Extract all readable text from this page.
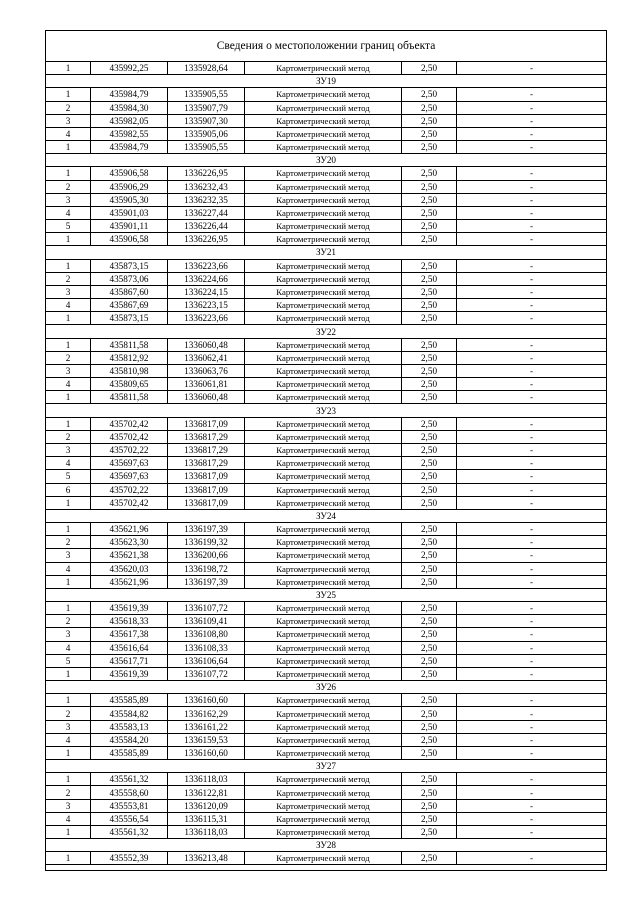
Сведения о местоположении границ объекта
1	435992,25	1335928,64	Картометрический метод	2,50	-
ЗУ19					
1	435984,79	1335905,55	Картометрический метод	2,50	-
2	435984,30	1335907,79	Картометрический метод	2,50	-
3	435982,05	1335907,30	Картометрический метод	2,50	-
4	435982,55	1335905,06	Картометрический метод	2,50	-
1	435984,79	1335905,55	Картометрический метод	2,50	-
ЗУ20					
1	435906,58	1336226,95	Картометрический метод	2,50	-
2	435906,29	1336232,43	Картометрический метод	2,50	-
3	435905,30	1336232,35	Картометрический метод	2,50	-
4	435901,03	1336227,44	Картометрический метод	2,50	-
5	435901,11	1336226,44	Картометрический метод	2,50	-
1	435906,58	1336226,95	Картометрический метод	2,50	-
ЗУ21					
1	435873,15	1336223,66	Картометрический метод	2,50	-
2	435873,06	1336224,66	Картометрический метод	2,50	-
3	435867,60	1336224,15	Картометрический метод	2,50	-
4	435867,69	1336223,15	Картометрический метод	2,50	-
1	435873,15	1336223,66	Картометрический метод	2,50	-
ЗУ22					
1	435811,58	1336060,48	Картометрический метод	2,50	-
2	435812,92	1336062,41	Картометрический метод	2,50	-
3	435810,98	1336063,76	Картометрический метод	2,50	-
4	435809,65	1336061,81	Картометрический метод	2,50	-
1	435811,58	1336060,48	Картометрический метод	2,50	-
ЗУ23					
1	435702,42	1336817,09	Картометрический метод	2,50	-
2	435702,42	1336817,29	Картометрический метод	2,50	-
3	435702,22	1336817,29	Картометрический метод	2,50	-
4	435697,63	1336817,29	Картометрический метод	2,50	-
5	435697,63	1336817,09	Картометрический метод	2,50	-
6	435702,22	1336817,09	Картометрический метод	2,50	-
1	435702,42	1336817,09	Картометрический метод	2,50	-
ЗУ24					
1	435621,96	1336197,39	Картометрический метод	2,50	-
2	435623,30	1336199,32	Картометрический метод	2,50	-
3	435621,38	1336200,66	Картометрический метод	2,50	-
4	435620,03	1336198,72	Картометрический метод	2,50	-
1	435621,96	1336197,39	Картометрический метод	2,50	-
ЗУ25					
1	435619,39	1336107,72	Картометрический метод	2,50	-
2	435618,33	1336109,41	Картометрический метод	2,50	-
3	435617,38	1336108,80	Картометрический метод	2,50	-
4	435616,64	1336108,33	Картометрический метод	2,50	-
5	435617,71	1336106,64	Картометрический метод	2,50	-
1	435619,39	1336107,72	Картометрический метод	2,50	-
ЗУ26					
1	435585,89	1336160,60	Картометрический метод	2,50	-
2	435584,82	1336162,29	Картометрический метод	2,50	-
3	435583,13	1336161,22	Картометрический метод	2,50	-
4	435584,20	1336159,53	Картометрический метод	2,50	-
1	435585,89	1336160,60	Картометрический метод	2,50	-
ЗУ27					
1	435561,32	1336118,03	Картометрический метод	2,50	-
2	435558,60	1336122,81	Картометрический метод	2,50	-
3	435553,81	1336120,09	Картометрический метод	2,50	-
4	435556,54	1336115,31	Картометрический метод	2,50	-
1	435561,32	1336118,03	Картометрический метод	2,50	-
ЗУ28					
1	435552,39	1336213,48	Картометрический метод	2,50	-
